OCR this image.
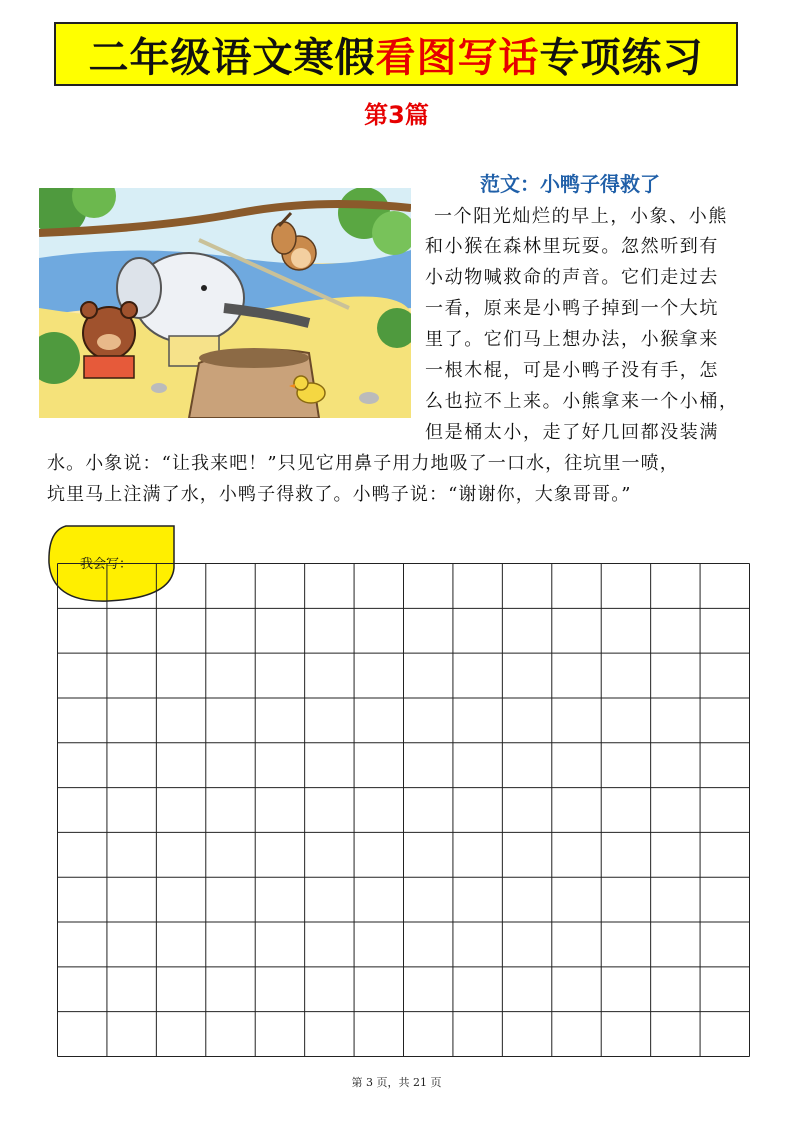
二年级语文寒假看图写话专项练习
第3篇
范文：小鸭子得救了
一个阳光灿烂的早上，小象、小熊
和小猴在森林里玩耍。忽然听到有
小动物喊救命的声音。它们走过去
一看，原来是小鸭子掉到一个大坑
里了。它们马上想办法，小猴拿来
一根木棍，可是小鸭子没有手，怎
么也拉不上来。小熊拿来一个小桶，
但是桶太小，走了好几回都没装满
水。小象说：“让我来吧！”只见它用鼻子用力地吸了一口水，往坑里一喷，
坑里马上注满了水，小鸭子得救了。小鸭子说：“谢谢你，大象哥哥。”
我会写：
第 3 页，共 21 页
